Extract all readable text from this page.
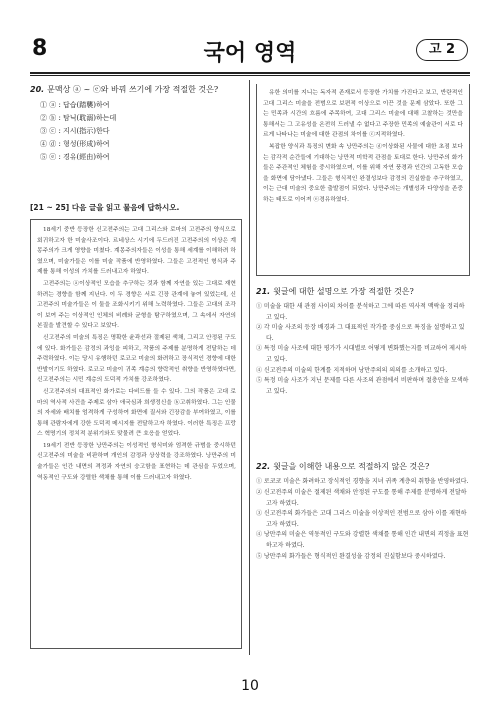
8	국어 영역	고 2
20. 문맥상 ⓐ ~ ⓔ와 바꿔 쓰기에 가장 적절한 것은?
① ⓐ : 답습(踏襲)하여
② ⓑ : 탐닉(耽溺)하는데
③ ⓒ : 지시(指示)한다
④ ⓓ : 형성(形成)하여
⑤ ⓔ : 경유(經由)하여
[21 ~ 25] 다음 글을 읽고 물음에 답하시오.

18세기 중반 등장한 신고전주의는 고대 그리스와 로마의 고전주의 양식으로 회귀하고자 한 미술사조이다. 르네상스 시기에 두드러진 고전주의의 이상은 계몽주의가 크게 영향을 미쳤다. 계몽주의자들은 이성을 통해 세계를 이해하려 하였으며, 미술가들은 이를 미술 작품에 반영하였다. 그들은 고전적인 형식과 주제를 통해 이성의 가치를 드러내고자 하였다.

고전주의는 ⓐ이상적인 모습을 추구하는 것과 함께 자연을 있는 그대로 재현하려는 경향을 함께 지닌다. 이 두 경향은 서로 긴장 관계에 놓여 있었는데, 신고전주의 미술가들은 이 둘을 조화시키기 위해 노력하였다. 그들은 고대의 조각이 보여 주는 이상적인 인체의 비례와 균형을 탐구하였으며, 그 속에서 자연의 본질을 발견할 수 있다고 보았다.

신고전주의 미술의 특징은 명확한 윤곽선과 절제된 색채, 그리고 안정된 구도에 있다. 화가들은 감정의 과잉을 피하고, 작품의 주제를 분명하게 전달하는 데 주력하였다. 이는 당시 유행하던 로코코 미술의 화려하고 장식적인 경향에 대한 반발이기도 하였다. 로코코 미술이 귀족 계층의 향락적인 취향을 반영하였다면, 신고전주의는 시민 계층의 도덕적 가치를 강조하였다.

신고전주의의 대표적인 화가로는 다비드를 들 수 있다. 그의 작품은 고대 로마의 역사적 사건을 주제로 삼아 애국심과 희생정신을 ⓑ고취하였다. 그는 인물의 자세와 배치를 엄격하게 구성하여 화면에 질서와 긴장감을 부여하였고, 이를 통해 관람자에게 강한 도덕적 메시지를 전달하고자 하였다. 이러한 특징은 프랑스 혁명기의 정치적 분위기와도 맞물려 큰 호응을 얻었다.

19세기 전반 등장한 낭만주의는 이성적인 형식미와 엄격한 규범을 중시하던 신고전주의 미술을 비판하며 개인의 감정과 상상력을 강조하였다. 낭만주의 미술가들은 인간 내면의 격정과 자연의 숭고함을 표현하는 데 관심을 두었으며, 역동적인 구도와 강렬한 색채를 통해 이를 드러내고자 하였다.

유한 의미를 지니는 독자적 존재로서 등장한 가치를 가진다고 보고, 반란적인 고대 그리스 미술을 전범으로 보편적 이상으로 이끈 것을 문제 삼았다. 또한 그는 민족과 시간의 흐름에 주목하여, 고대 그리스 미술에 대해 고찰하는 것만을 통해서는 그 고유성을 온전히 드러낼 수 없다고 주장한 민족의 예술관이 서로 다르게 나타나는 미술에 대한 관점의 차이를 ⓒ지적하였다.

복잡한 양식과 특징의 변화 속 낭만주의는 ⓓ이상화된 사물에 대한 초점 보다는 감각적 순간들에 기대하는 낭만적 미학적 관점을 토대로 한다. 낭만주의 화가들은 주관적인 체험을 중시하였으며, 이를 위해 자연 풍경과 인간의 고독한 모습을 화면에 담아냈다. 그들은 형식적인 완결성보다 감정의 진실함을 추구하였고, 이는 근대 미술의 중요한 출발점이 되었다. 낭만주의는 개별성과 다양성을 존중하는 태도로 이어져 ⓔ경유하였다.

21. 윗글에 대한 설명으로 가장 적절한 것은?
① 미술을 대한 새 관점 사이의 차이를 분석하고 그에 따른 역사적 맥락을 정리하고 있다.
② 각 미술 사조의 등장 배경과 그 대표적인 작가를 중심으로 특징을 설명하고 있다.
③ 특정 미술 사조에 대한 평가가 시대별로 어떻게 변화했는지를 비교하여 제시하고 있다.
④ 신고전주의 미술의 한계를 지적하며 낭만주의의 의의를 소개하고 있다.
⑤ 특정 미술 사조가 지닌 문제를 다른 사조의 관점에서 비판하며 절충안을 모색하고 있다.
22. 윗글을 이해한 내용으로 적절하지 않은 것은?
① 로코코 미술은 화려하고 장식적인 경향을 지녀 귀족 계층의 취향을 반영하였다.
② 신고전주의 미술은 절제된 색채와 안정된 구도를 통해 주제를 분명하게 전달하고자 하였다.
③ 신고전주의 화가들은 고대 그리스 미술을 이상적인 전범으로 삼아 이를 재현하고자 하였다.
④ 낭만주의 미술은 역동적인 구도와 강렬한 색채를 통해 인간 내면의 격정을 표현하고자 하였다.
⑤ 낭만주의 화가들은 형식적인 완결성을 감정의 진실함보다 중시하였다.
10
